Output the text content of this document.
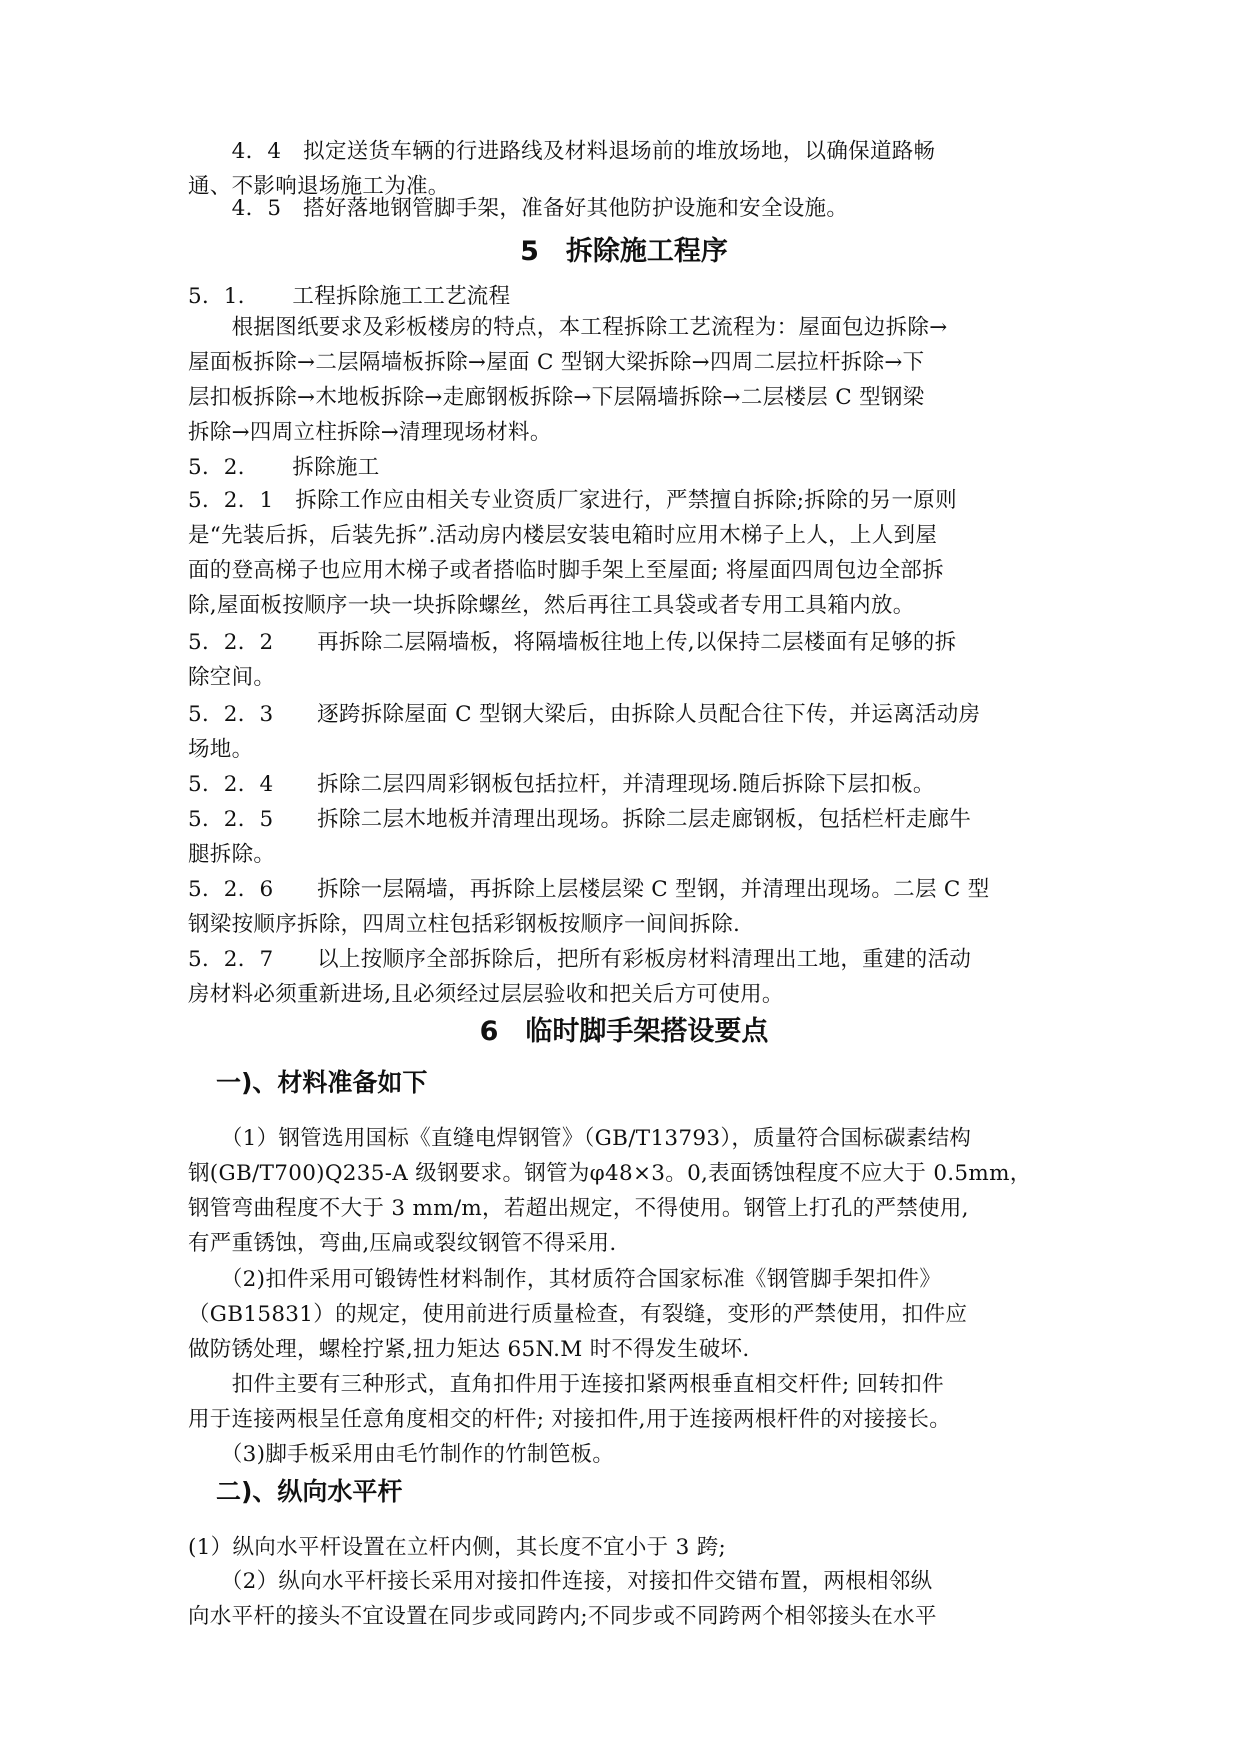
　　4．4　拟定送货车辆的行进路线及材料退场前的堆放场地，以确保道路畅
通、不影响退场施工为准。
　　4．5　搭好落地钢管脚手架，准备好其他防护设施和安全设施。
5　拆除施工程序
5．1．　　工程拆除施工工艺流程
　　根据图纸要求及彩板楼房的特点，本工程拆除工艺流程为：屋面包边拆除→
屋面板拆除→二层隔墙板拆除→屋面 C 型钢大梁拆除→四周二层拉杆拆除→下
层扣板拆除→木地板拆除→走廊钢板拆除→下层隔墙拆除→二层楼层 C 型钢梁
拆除→四周立柱拆除→清理现场材料。
5．2．　　拆除施工
5．2．1　拆除工作应由相关专业资质厂家进行，严禁擅自拆除;拆除的另一原则
是“先装后拆，后装先拆”.活动房内楼层安装电箱时应用木梯子上人，上人到屋
面的登高梯子也应用木梯子或者搭临时脚手架上至屋面; 将屋面四周包边全部拆
除,屋面板按顺序一块一块拆除螺丝，然后再往工具袋或者专用工具箱内放。
5．2．2　　再拆除二层隔墙板，将隔墙板往地上传,以保持二层楼面有足够的拆
除空间。
5．2．3　　逐跨拆除屋面 C 型钢大梁后，由拆除人员配合往下传，并运离活动房
场地。
5．2．4　　拆除二层四周彩钢板包括拉杆，并清理现场.随后拆除下层扣板。
5．2．5　　拆除二层木地板并清理出现场。拆除二层走廊钢板，包括栏杆走廊牛
腿拆除。
5．2．6　　拆除一层隔墙，再拆除上层楼层梁 C 型钢，并清理出现场。二层 C 型
钢梁按顺序拆除，四周立柱包括彩钢板按顺序一间间拆除.
5．2．7　　以上按顺序全部拆除后，把所有彩板房材料清理出工地，重建的活动
房材料必须重新进场,且必须经过层层验收和把关后方可使用。
6　临时脚手架搭设要点
一)、材料准备如下
　　（1）钢管选用国标《直缝电焊钢管》（GB/T13793），质量符合国标碳素结构
钢(GB/T700)Q235-A 级钢要求。钢管为φ48×3。0,表面锈蚀程度不应大于 0.5mm，
钢管弯曲程度不大于 3 mm/m，若超出规定，不得使用。钢管上打孔的严禁使用,
有严重锈蚀，弯曲,压扁或裂纹钢管不得采用.
　　（2)扣件采用可锻铸性材料制作，其材质符合国家标准《钢管脚手架扣件》
（GB15831）的规定，使用前进行质量检查，有裂缝，变形的严禁使用，扣件应
做防锈处理，螺栓拧紧,扭力矩达 65N.M 时不得发生破坏.
　　扣件主要有三种形式，直角扣件用于连接扣紧两根垂直相交杆件; 回转扣件
用于连接两根呈任意角度相交的杆件; 对接扣件,用于连接两根杆件的对接接长。
　　（3)脚手板采用由毛竹制作的竹制笆板。
二)、纵向水平杆
(1）纵向水平杆设置在立杆内侧，其长度不宜小于 3 跨;
　　（2）纵向水平杆接长采用对接扣件连接，对接扣件交错布置，两根相邻纵
向水平杆的接头不宜设置在同步或同跨内;不同步或不同跨两个相邻接头在水平
